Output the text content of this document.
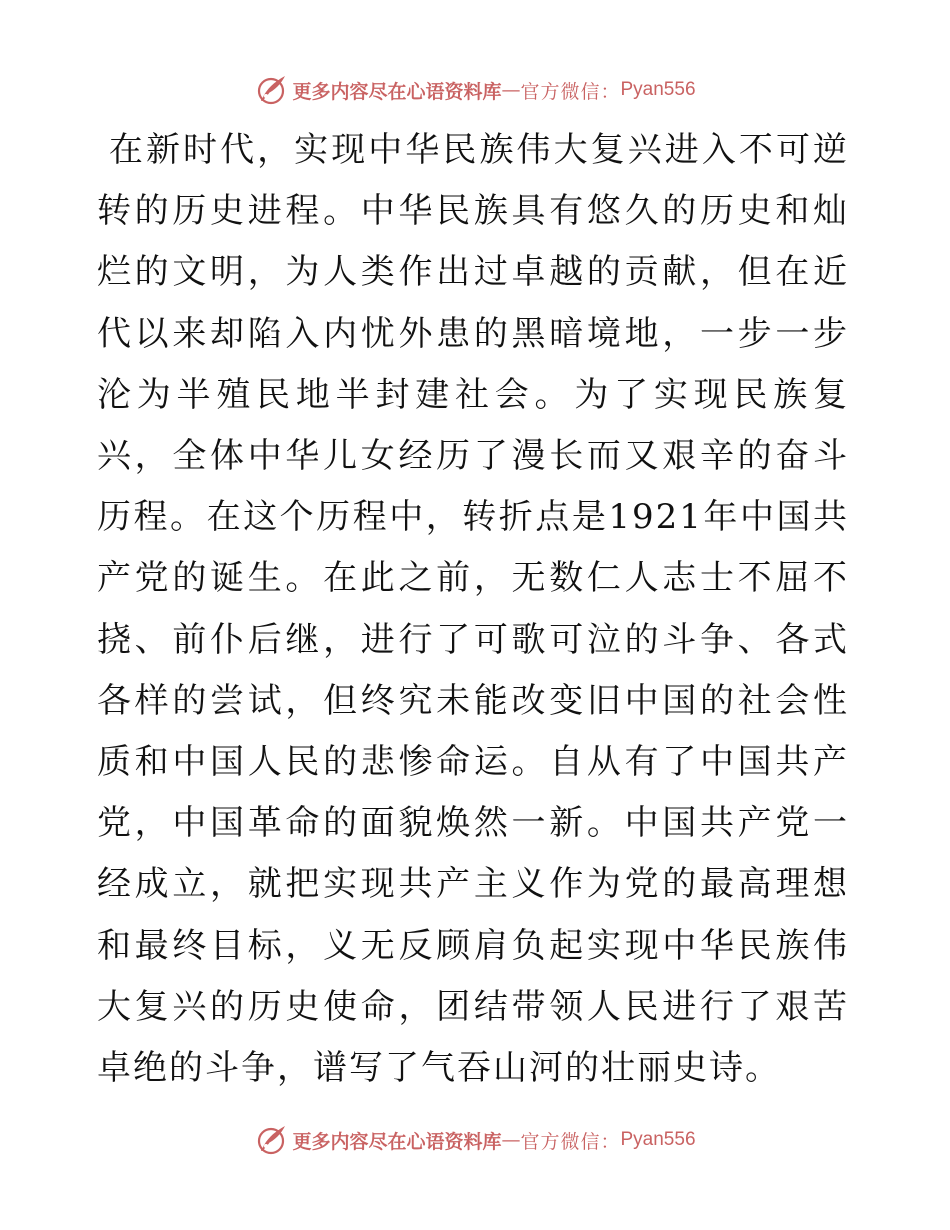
更多内容尽在心语资料库 — 官方微信： Pyan556

在新时代，实现中华民族伟大复兴进入不可逆转的历史进程。中华民族具有悠久的历史和灿烂的文明，为人类作出过卓越的贡献，但在近代以来却陷入内忧外患的黑暗境地，一步一步沦为半殖民地半封建社会。为了实现民族复兴，全体中华儿女经历了漫长而又艰辛的奋斗历程。在这个历程中，转折点是1921年中国共产党的诞生。在此之前，无数仁人志士不屈不挠、前仆后继，进行了可歌可泣的斗争、各式各样的尝试，但终究未能改变旧中国的社会性质和中国人民的悲惨命运。自从有了中国共产党，中国革命的面貌焕然一新。中国共产党一经成立，就把实现共产主义作为党的最高理想和最终目标，义无反顾肩负起实现中华民族伟大复兴的历史使命，团结带领人民进行了艰苦卓绝的斗争，谱写了气吞山河的壮丽史诗。

更多内容尽在心语资料库 — 官方微信： Pyan556
